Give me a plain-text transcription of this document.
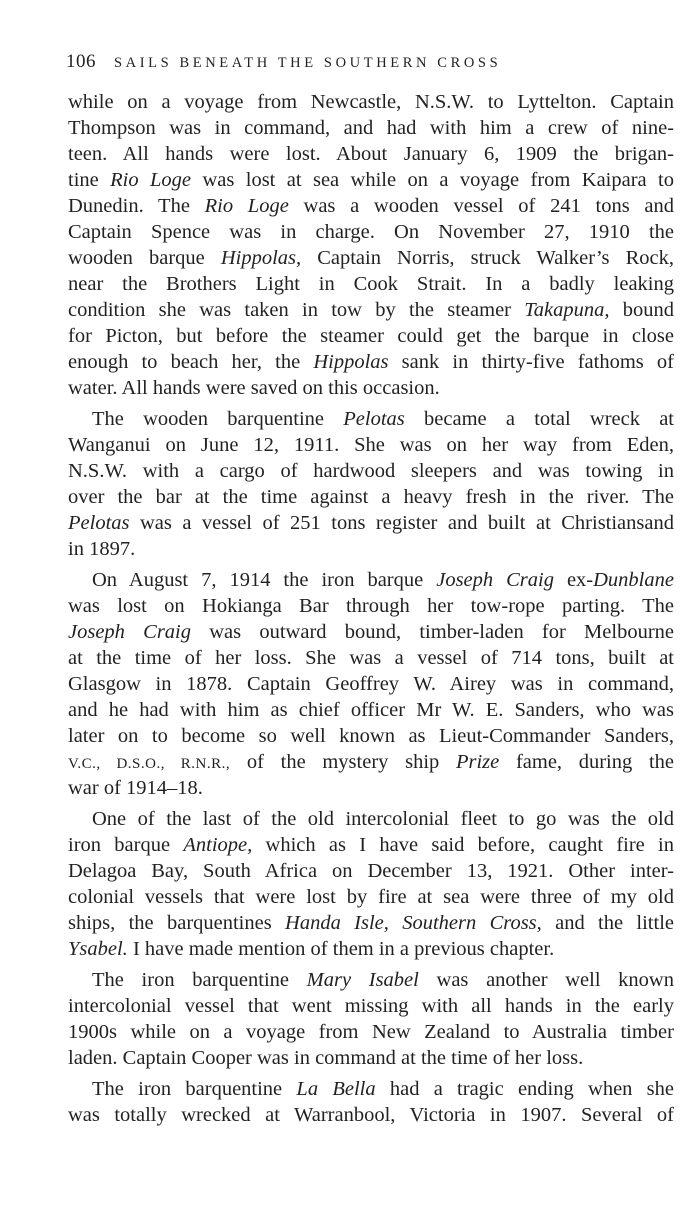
106 SAILS BENEATH THE SOUTHERN CROSS
while on a voyage from Newcastle, N.S.W. to Lyttelton. Captain
Thompson was in command, and had with him a crew of nine-
teen. All hands were lost. About January 6, 1909 the brigan-
tine Rio Loge was lost at sea while on a voyage from Kaipara to
Dunedin. The Rio Loge was a wooden vessel of 241 tons and
Captain Spence was in charge. On November 27, 1910 the
wooden barque Hippolas, Captain Norris, struck Walker’s Rock,
near the Brothers Light in Cook Strait. In a badly leaking
condition she was taken in tow by the steamer Takapuna, bound
for Picton, but before the steamer could get the barque in close
enough to beach her, the Hippolas sank in thirty-five fathoms of
water. All hands were saved on this occasion.
The wooden barquentine Pelotas became a total wreck at
Wanganui on June 12, 1911. She was on her way from Eden,
N.S.W. with a cargo of hardwood sleepers and was towing in
over the bar at the time against a heavy fresh in the river. The
Pelotas was a vessel of 251 tons register and built at Christiansand
in 1897.
On August 7, 1914 the iron barque Joseph Craig ex-Dunblane
was lost on Hokianga Bar through her tow-rope parting. The
Joseph Craig was outward bound, timber-laden for Melbourne
at the time of her loss. She was a vessel of 714 tons, built at
Glasgow in 1878. Captain Geoffrey W. Airey was in command,
and he had with him as chief officer Mr W. E. Sanders, who was
later on to become so well known as Lieut-Commander Sanders,
V.C., D.S.O., R.N.R., of the mystery ship Prize fame, during the
war of 1914–18.
One of the last of the old intercolonial fleet to go was the old
iron barque Antiope, which as I have said before, caught fire in
Delagoa Bay, South Africa on December 13, 1921. Other inter-
colonial vessels that were lost by fire at sea were three of my old
ships, the barquentines Handa Isle, Southern Cross, and the little
Ysabel. I have made mention of them in a previous chapter.
The iron barquentine Mary Isabel was another well known
intercolonial vessel that went missing with all hands in the early
1900s while on a voyage from New Zealand to Australia timber
laden. Captain Cooper was in command at the time of her loss.
The iron barquentine La Bella had a tragic ending when she
was totally wrecked at Warranbool, Victoria in 1907. Several of
